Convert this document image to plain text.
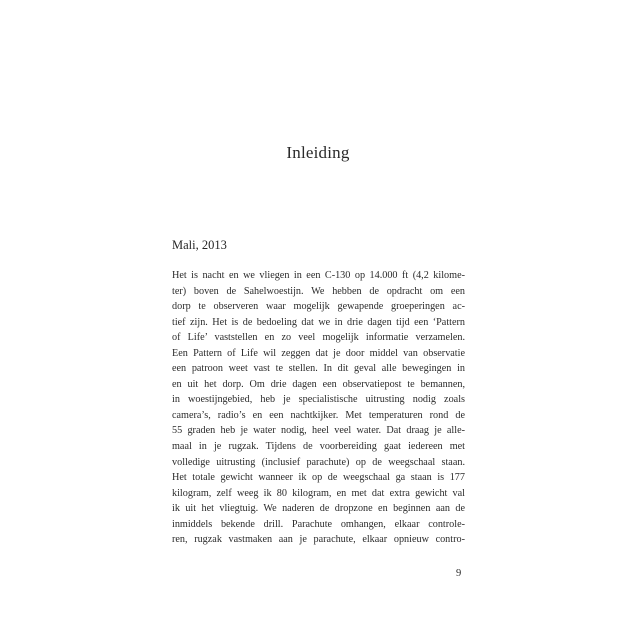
Inleiding
Mali, 2013
Het is nacht en we vliegen in een C-130 op 14.000 ft (4,2 kilome-
ter) boven de Sahelwoestijn. We hebben de opdracht om een
dorp te observeren waar mogelijk gewapende groeperingen ac-
tief zijn. Het is de bedoeling dat we in drie dagen tijd een ‘Pattern
of Life’ vaststellen en zo veel mogelijk informatie verzamelen.
Een Pattern of Life wil zeggen dat je door middel van observatie
een patroon weet vast te stellen. In dit geval alle bewegingen in
en uit het dorp. Om drie dagen een observatiepost te bemannen,
in woestijngebied, heb je specialistische uitrusting nodig zoals
camera’s, radio’s en een nachtkijker. Met temperaturen rond de
55 graden heb je water nodig, heel veel water. Dat draag je alle-
maal in je rugzak. Tijdens de voorbereiding gaat iedereen met
volledige uitrusting (inclusief parachute) op de weegschaal staan.
Het totale gewicht wanneer ik op de weegschaal ga staan is 177
kilogram, zelf weeg ik 80 kilogram, en met dat extra gewicht val
ik uit het vliegtuig. We naderen de dropzone en beginnen aan de
inmiddels bekende drill. Parachute omhangen, elkaar controle-
ren, rugzak vastmaken aan je parachute, elkaar opnieuw contro-
9
